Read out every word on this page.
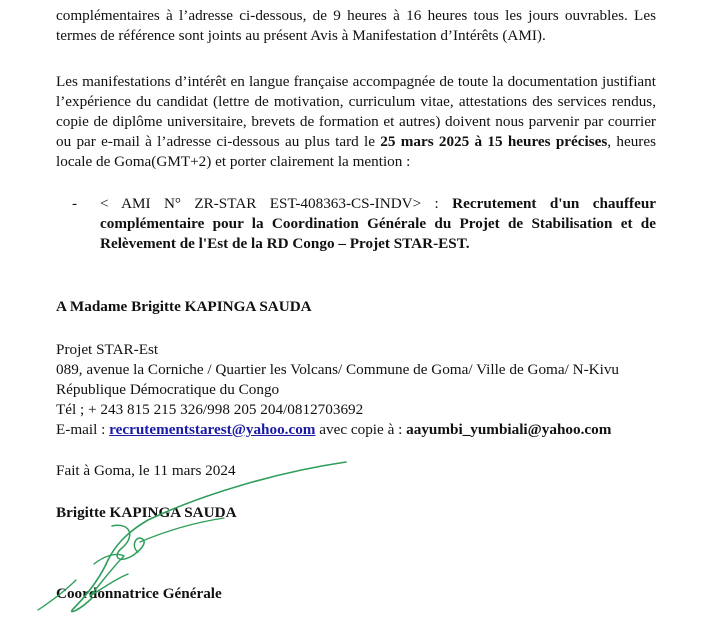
complémentaires à l’adresse ci-dessous, de 9 heures à 16 heures tous les jours ouvrables. Les
termes de référence sont joints au présent Avis à Manifestation d’Intérêts (AMI).

Les manifestations d’intérêt en langue française accompagnée de toute la documentation justifiant
l’expérience du candidat (lettre de motivation, curriculum vitae, attestations des services rendus,
copie de diplôme universitaire, brevets de formation et autres) doivent nous parvenir par courrier
ou par e-mail à l’adresse ci-dessous au plus tard le 25 mars 2025 à 15 heures précises, heures
locale de Goma(GMT+2) et porter clairement la mention :

- < AMI N° ZR-STAR EST-408363-CS-INDV> : Recrutement d'un chauffeur
complémentaire pour la Coordination Générale du Projet de Stabilisation et de
Relèvement de l'Est de la RD Congo – Projet STAR-EST.

A Madame Brigitte KAPINGA SAUDA

Projet STAR-Est

089, avenue la Corniche / Quartier les Volcans/ Commune de Goma/ Ville de Goma/ N-Kivu

République Démocratique du Congo

Tél ; + 243 815 215 326/998 205 204/0812703692

E-mail : recrutementstarest@yahoo.com avec copie à : aayumbi_yumbiali@yahoo.com

Fait à Goma, le 11 mars 2024

Brigitte KAPINGA SAUDA

Coordonnatrice Générale
